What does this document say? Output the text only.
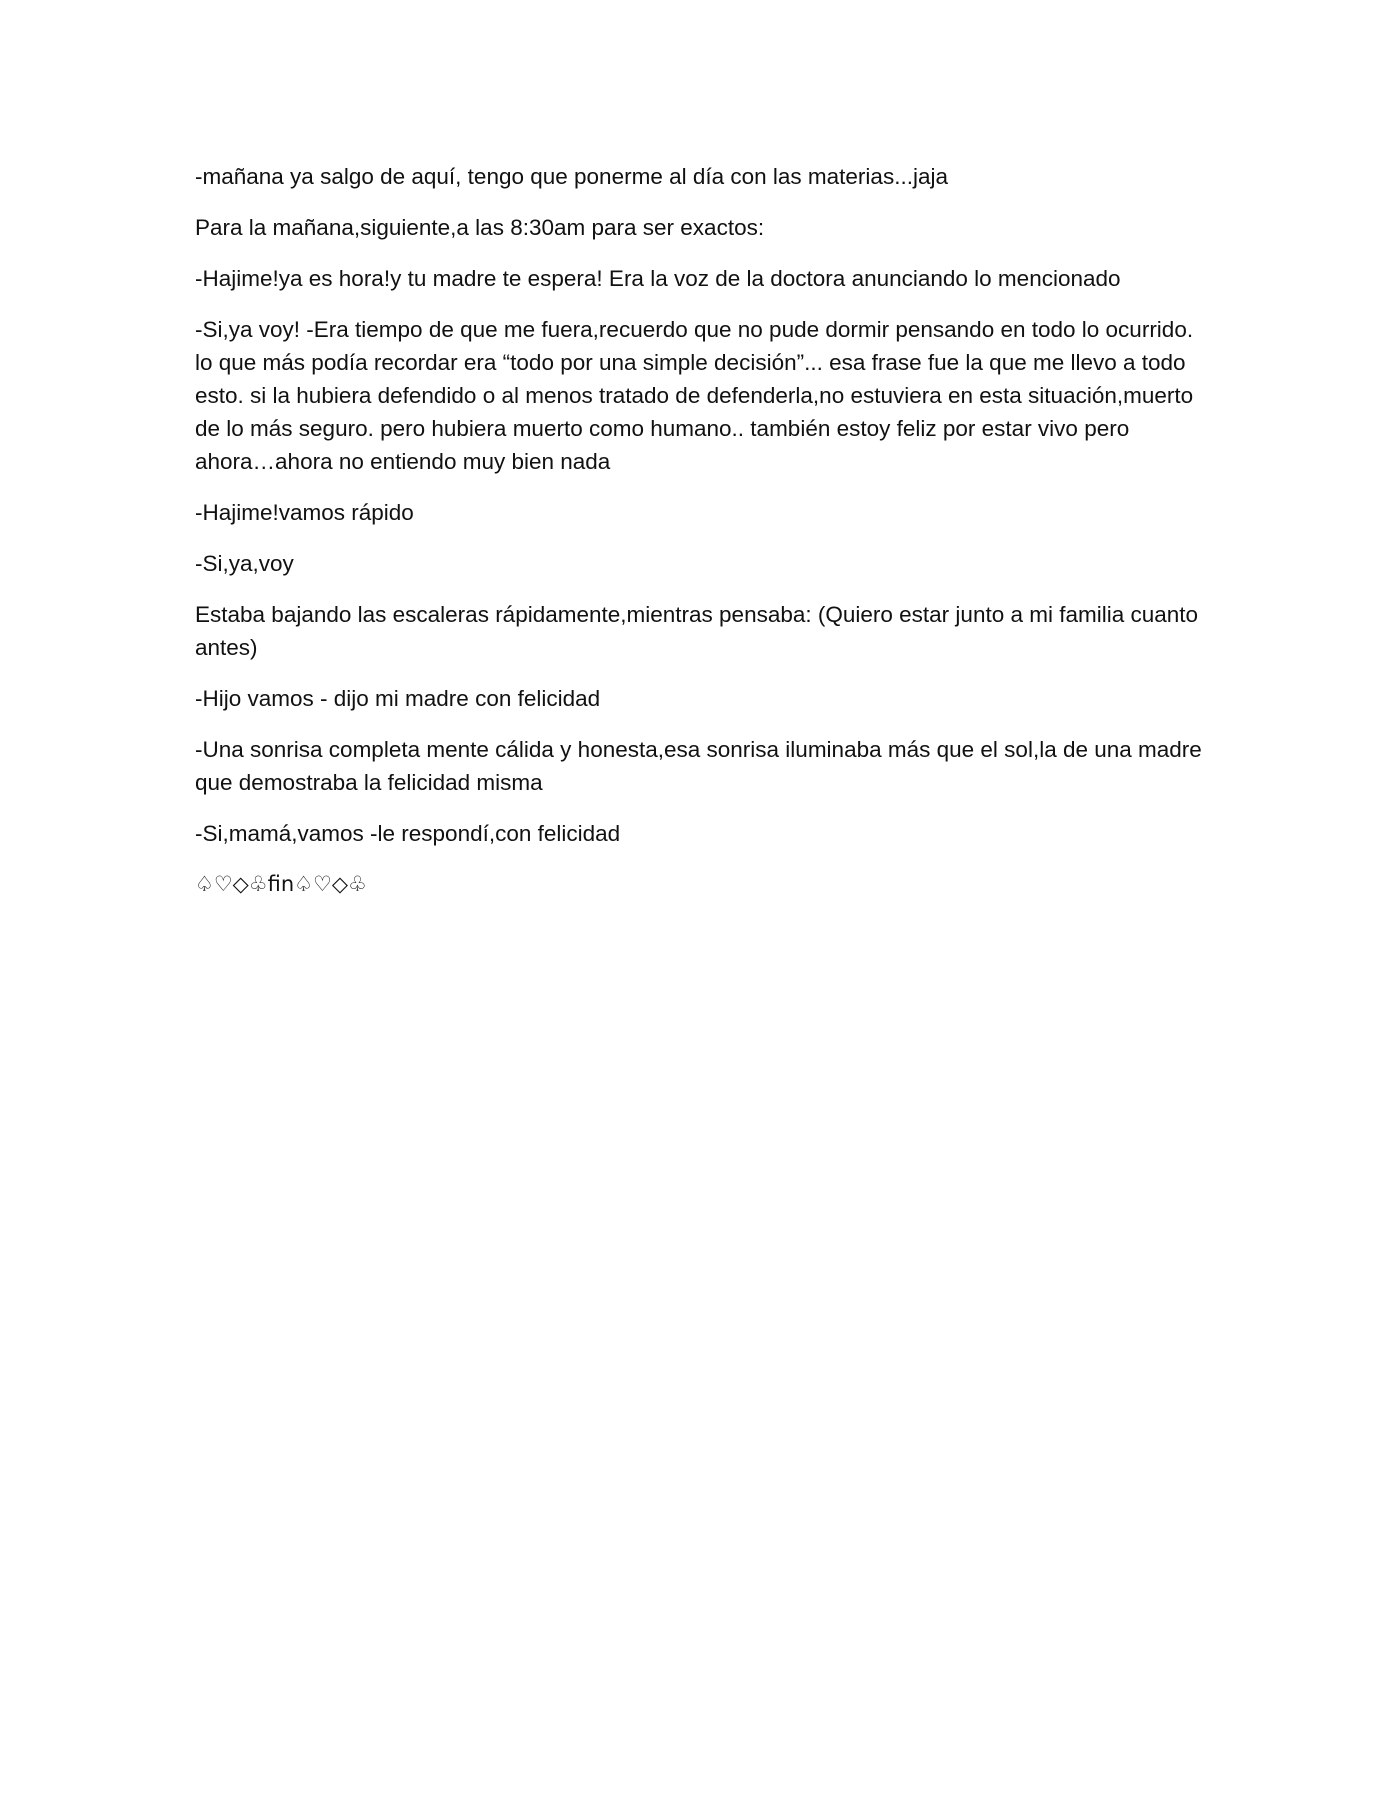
-mañana ya salgo de aquí, tengo que ponerme al día con las materias...jaja

Para la mañana,siguiente,a las 8:30am para ser exactos:

-Hajime!ya es hora!y tu madre te espera! Era la voz de la doctora anunciando lo mencionado

-Si,ya voy! -Era tiempo de que me fuera,recuerdo que no pude dormir pensando en todo lo ocurrido. lo que más podía recordar era “todo por una simple decisión”... esa frase fue la que me llevo a todo esto. si la hubiera defendido o al menos tratado de defenderla,no estuviera en esta situación,muerto de lo más seguro. pero hubiera muerto como humano.. también estoy feliz por estar vivo pero ahora…ahora no entiendo muy bien nada

-Hajime!vamos rápido

-Si,ya,voy

Estaba bajando las escaleras rápidamente,mientras pensaba: (Quiero estar junto a mi familia cuanto antes)

-Hijo vamos - dijo mi madre con felicidad

-Una sonrisa completa mente cálida y honesta,esa sonrisa iluminaba más que el sol,la de una madre que demostraba la felicidad misma

-Si,mamá,vamos -le respondí,con felicidad

♤♡◇♧fin♤♡◇♧
